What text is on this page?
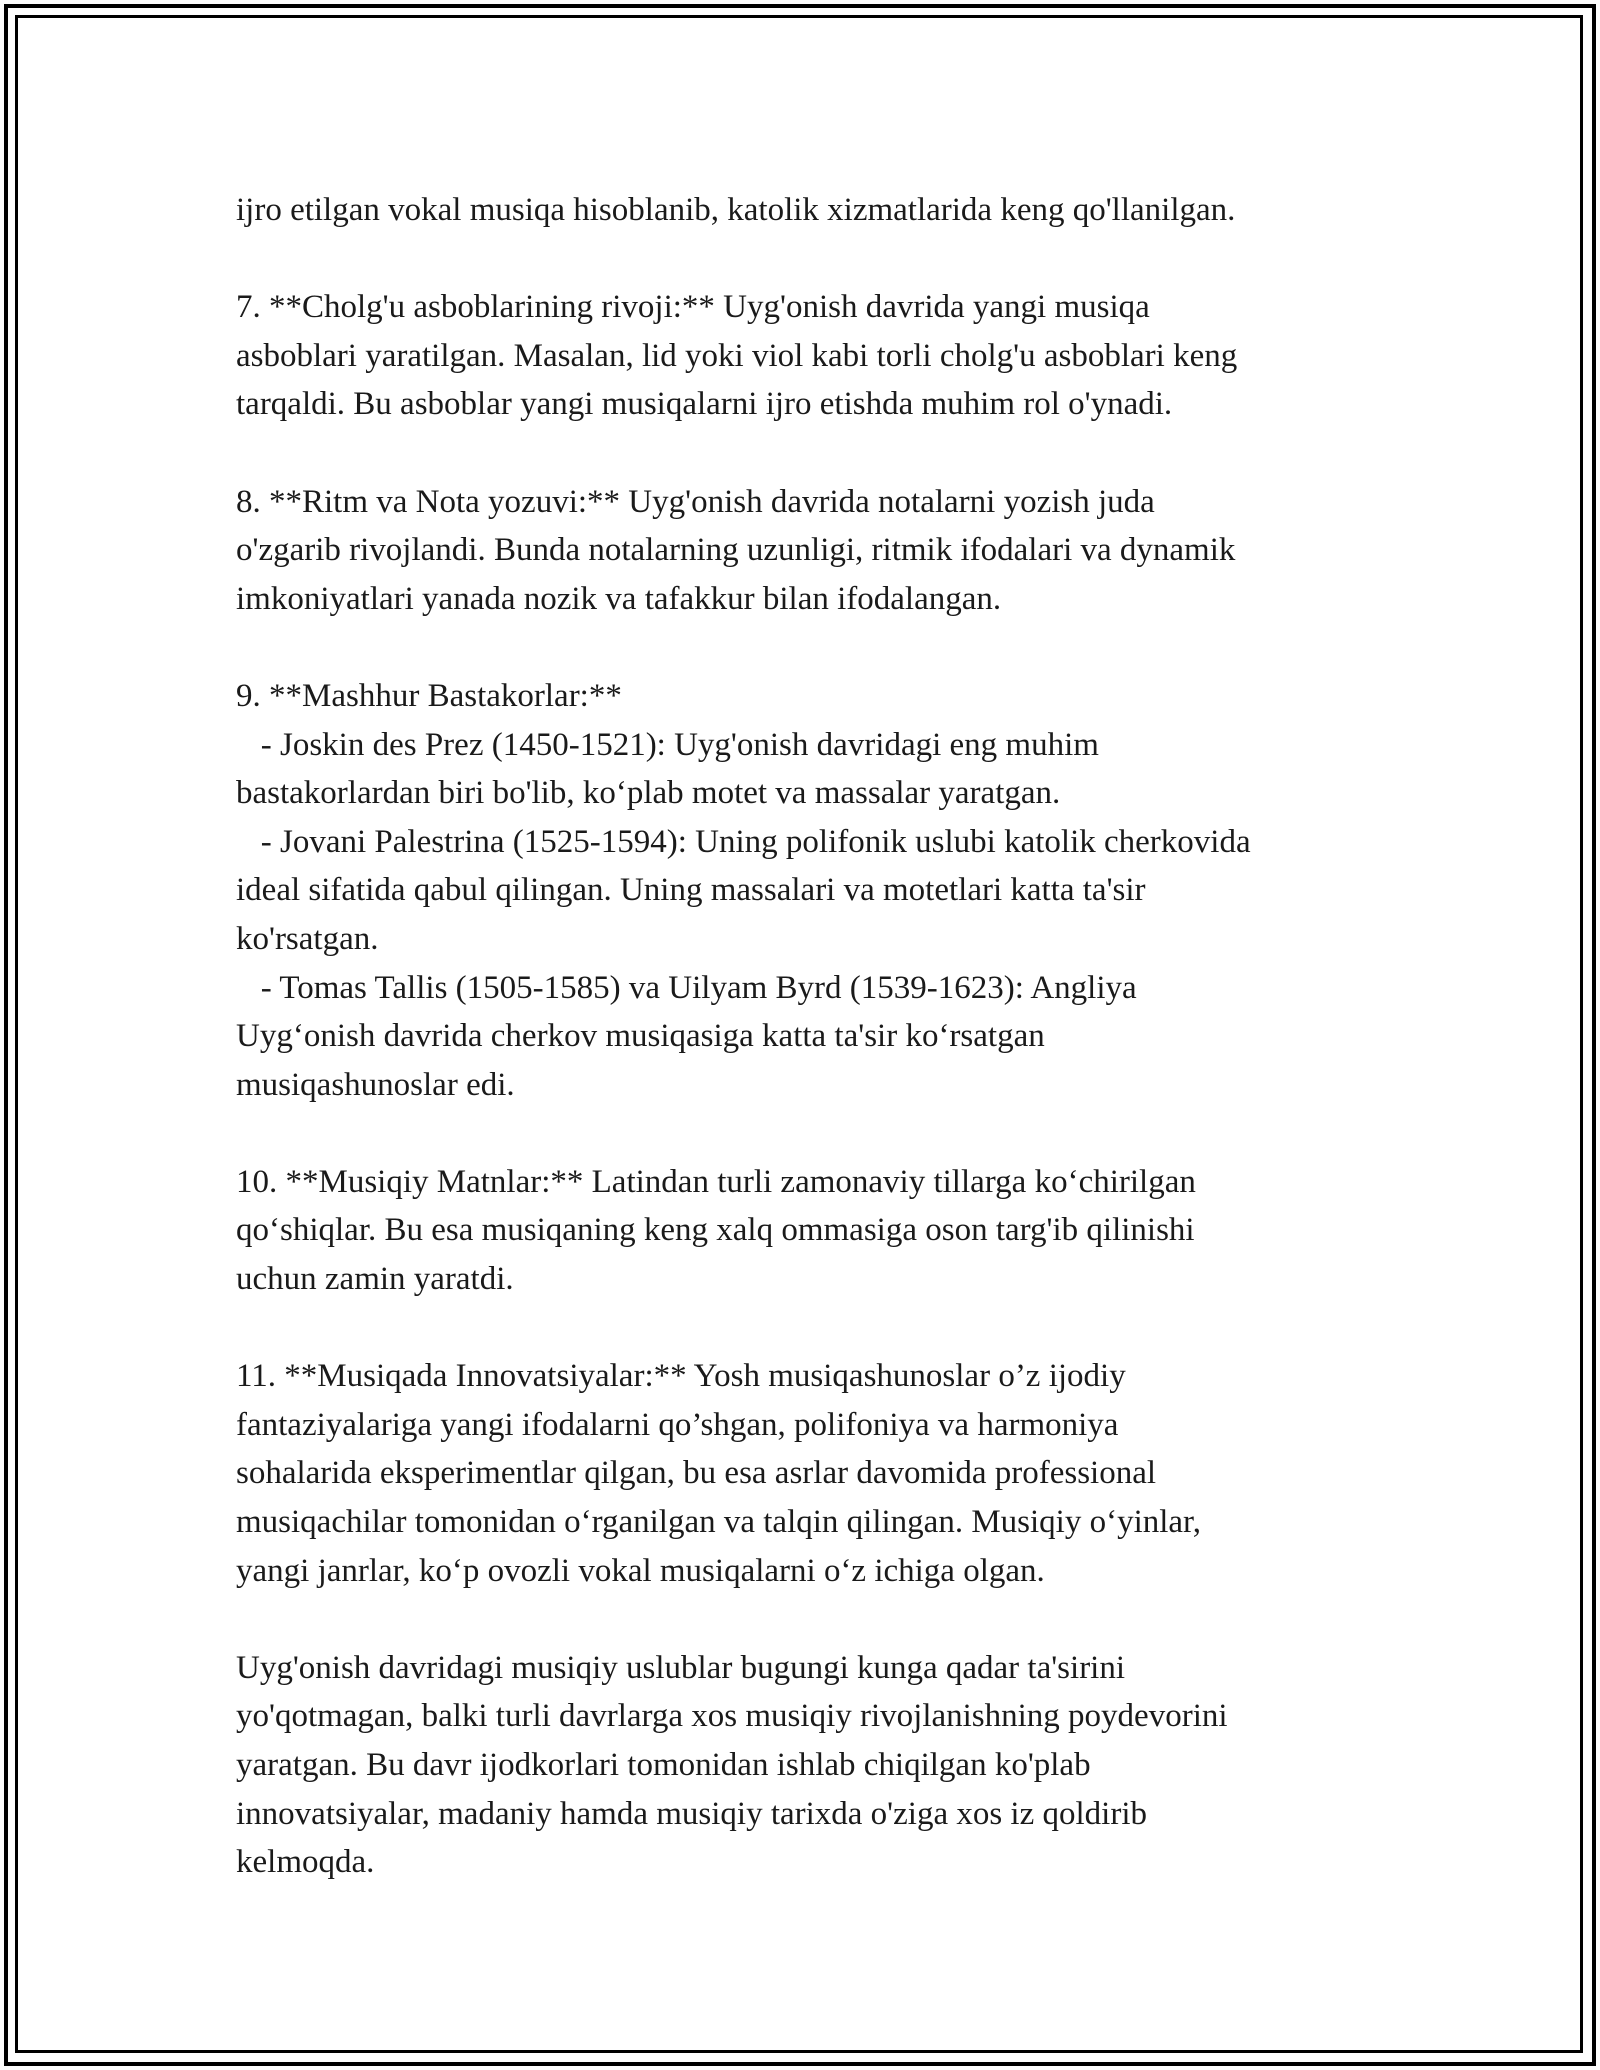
ijro etilgan vokal musiqa hisoblanib, katolik xizmatlarida keng qo'llanilgan.
7. **Cholg'u asboblarining rivoji:** Uyg'onish davrida yangi musiqa
asboblari yaratilgan. Masalan, lid yoki viol kabi torli cholg'u asboblari keng
tarqaldi. Bu asboblar yangi musiqalarni ijro etishda muhim rol o'ynadi.
8. **Ritm va Nota yozuvi:** Uyg'onish davrida notalarni yozish juda
o'zgarib rivojlandi. Bunda notalarning uzunligi, ritmik ifodalari va dynamik
imkoniyatlari yanada nozik va tafakkur bilan ifodalangan.
9. **Mashhur Bastakorlar:**
- Joskin des Prez (1450-1521): Uyg'onish davridagi eng muhim
bastakorlardan biri bo'lib, ko‘plab motet va massalar yaratgan.
- Jovani Palestrina (1525-1594): Uning polifonik uslubi katolik cherkovida
ideal sifatida qabul qilingan. Uning massalari va motetlari katta ta'sir
ko'rsatgan.
- Tomas Tallis (1505-1585) va Uilyam Byrd (1539-1623): Angliya
Uyg‘onish davrida cherkov musiqasiga katta ta'sir ko‘rsatgan
musiqashunoslar edi.
10. **Musiqiy Matnlar:** Latindan turli zamonaviy tillarga ko‘chirilgan
qo‘shiqlar. Bu esa musiqaning keng xalq ommasiga oson targ'ib qilinishi
uchun zamin yaratdi.
11. **Musiqada Innovatsiyalar:** Yosh musiqashunoslar o’z ijodiy
fantaziyalariga yangi ifodalarni qo’shgan, polifoniya va harmoniya
sohalarida eksperimentlar qilgan, bu esa asrlar davomida professional
musiqachilar tomonidan o‘rganilgan va talqin qilingan. Musiqiy o‘yinlar,
yangi janrlar, ko‘p ovozli vokal musiqalarni o‘z ichiga olgan.
Uyg'onish davridagi musiqiy uslublar bugungi kunga qadar ta'sirini
yo'qotmagan, balki turli davrlarga xos musiqiy rivojlanishning poydevorini
yaratgan. Bu davr ijodkorlari tomonidan ishlab chiqilgan ko'plab
innovatsiyalar, madaniy hamda musiqiy tarixda o'ziga xos iz qoldirib
kelmoqda.
